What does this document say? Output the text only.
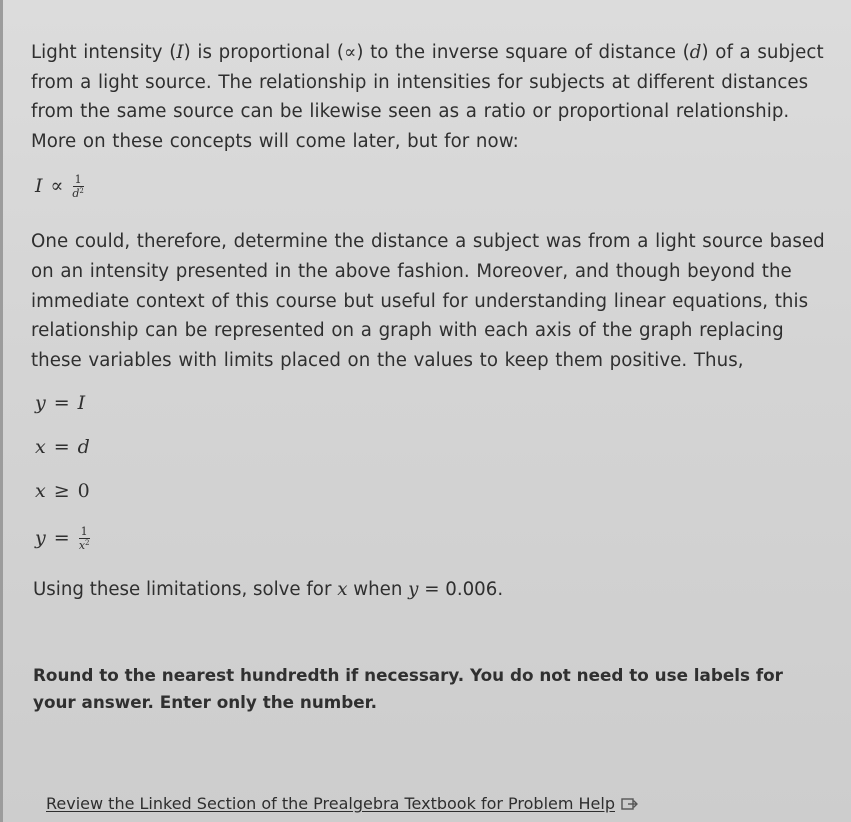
Light intensity (I) is proportional (∝) to the inverse square of distance (d) of a subject from a light source. The relationship in intensities for subjects at different distances from the same source can be likewise seen as a ratio or proportional relationship. More on these concepts will come later, but for now:

$I \propto \frac{1}{d^2}$

One could, therefore, determine the distance a subject was from a light source based on an intensity presented in the above fashion. Moreover, and though beyond the immediate context of this course but useful for understanding linear equations, this relationship can be represented on a graph with each axis of the graph replacing these variables with limits placed on the values to keep them positive. Thus,

y = I
x = d
x ≥ 0
$y = \frac{1}{x^2}$

Using these limitations, solve for x when y = 0.006.

Round to the nearest hundredth if necessary. You do not need to use labels for your answer. Enter only the number.

Review the Linked Section of the Prealgebra Textbook for Problem Help
